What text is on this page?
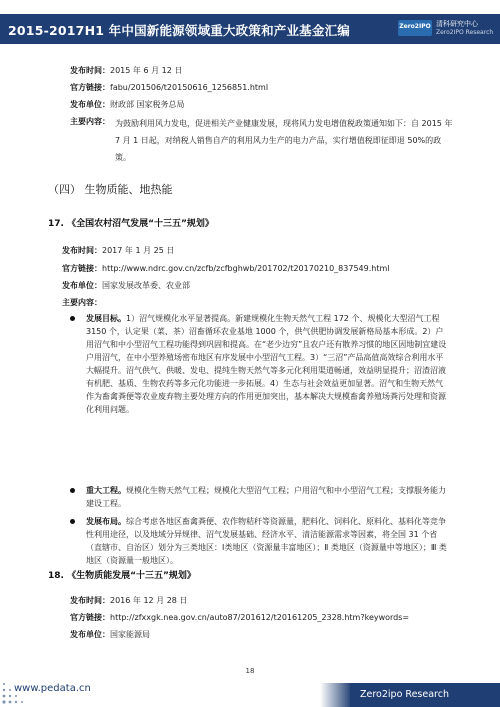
2015-2017H1 年中国新能源领域重大政策和产业基金汇编	Zero2IPO 清科研究中心
Zero2IPO Research
发布时间：2015 年 6 月 12 日
官方链接：fabu/201506/t20150616_1256851.html
发布单位：财政部 国家税务总局
主要内容： 为鼓励利用风力发电，促进相关产业健康发展，现将风力发电增值税政策通知如下：自 2015 年 7 月 1 日起，对纳税人销售自产的利用风力生产的电力产品，实行增值税即征即退 50%的政策。
（四） 生物质能、地热能
17. 《全国农村沼气发展“十三五”规划》
发布时间：2017 年 1 月 25 日
官方链接：http://www.ndrc.gov.cn/zcfb/zcfbghwb/201702/t20170210_837549.html
发布单位：国家发展改革委、农业部
主要内容：
发展目标。1）沼气规模化水平显著提高。新建规模化生物天然气工程 172 个、规模化大型沼气工程 3150 个，认定果（菜、茶）沼畜循环农业基地 1000 个，供气供肥协调发展新格局基本形成。2）户用沼气和中小型沼气工程功能得到巩固和提高。在“老少边穷”且农户还有散养习惯的地区因地制宜建设户用沼气，在中小型养殖场密布地区有序发展中小型沼气工程。3）“三沼”产品高值高效综合利用水平大幅提升。沼气供气、供暖、发电、提纯生物天然气等多元化利用渠道畅通，效益明显提升；沼渣沼液有机肥、基质、生物农药等多元化功能进一步拓展。4）生态与社会效益更加显著。沼气和生物天然气作为畜禽粪便等农业废弃物主要处理方向的作用更加突出，基本解决大规模畜禽养殖场粪污处理和资源化利用问题。
重大工程。规模化生物天然气工程；规模化大型沼气工程；户用沼气和中小型沼气工程；支撑服务能力建设工程。
发展布局。综合考虑各地区畜禽粪便、农作物秸秆等资源量，肥料化、饲料化、原料化、基料化等竞争性利用途径，以及地域分异规律、沼气发展基础、经济水平、清洁能源需求等因素，将全国 31 个省（直辖市、自治区）划分为三类地区：Ⅰ类地区（资源量丰富地区）；Ⅱ 类地区（资源量中等地区）；Ⅲ 类地区（资源量一般地区）。
18. 《生物质能发展“十三五”规划》
发布时间：2016 年 12 月 28 日
官方链接：http://zfxxgk.nea.gov.cn/auto87/201612/t20161205_2328.htm?keywords=
发布单位：国家能源局
18
www.pedata.cn
Zero2ipo Research
